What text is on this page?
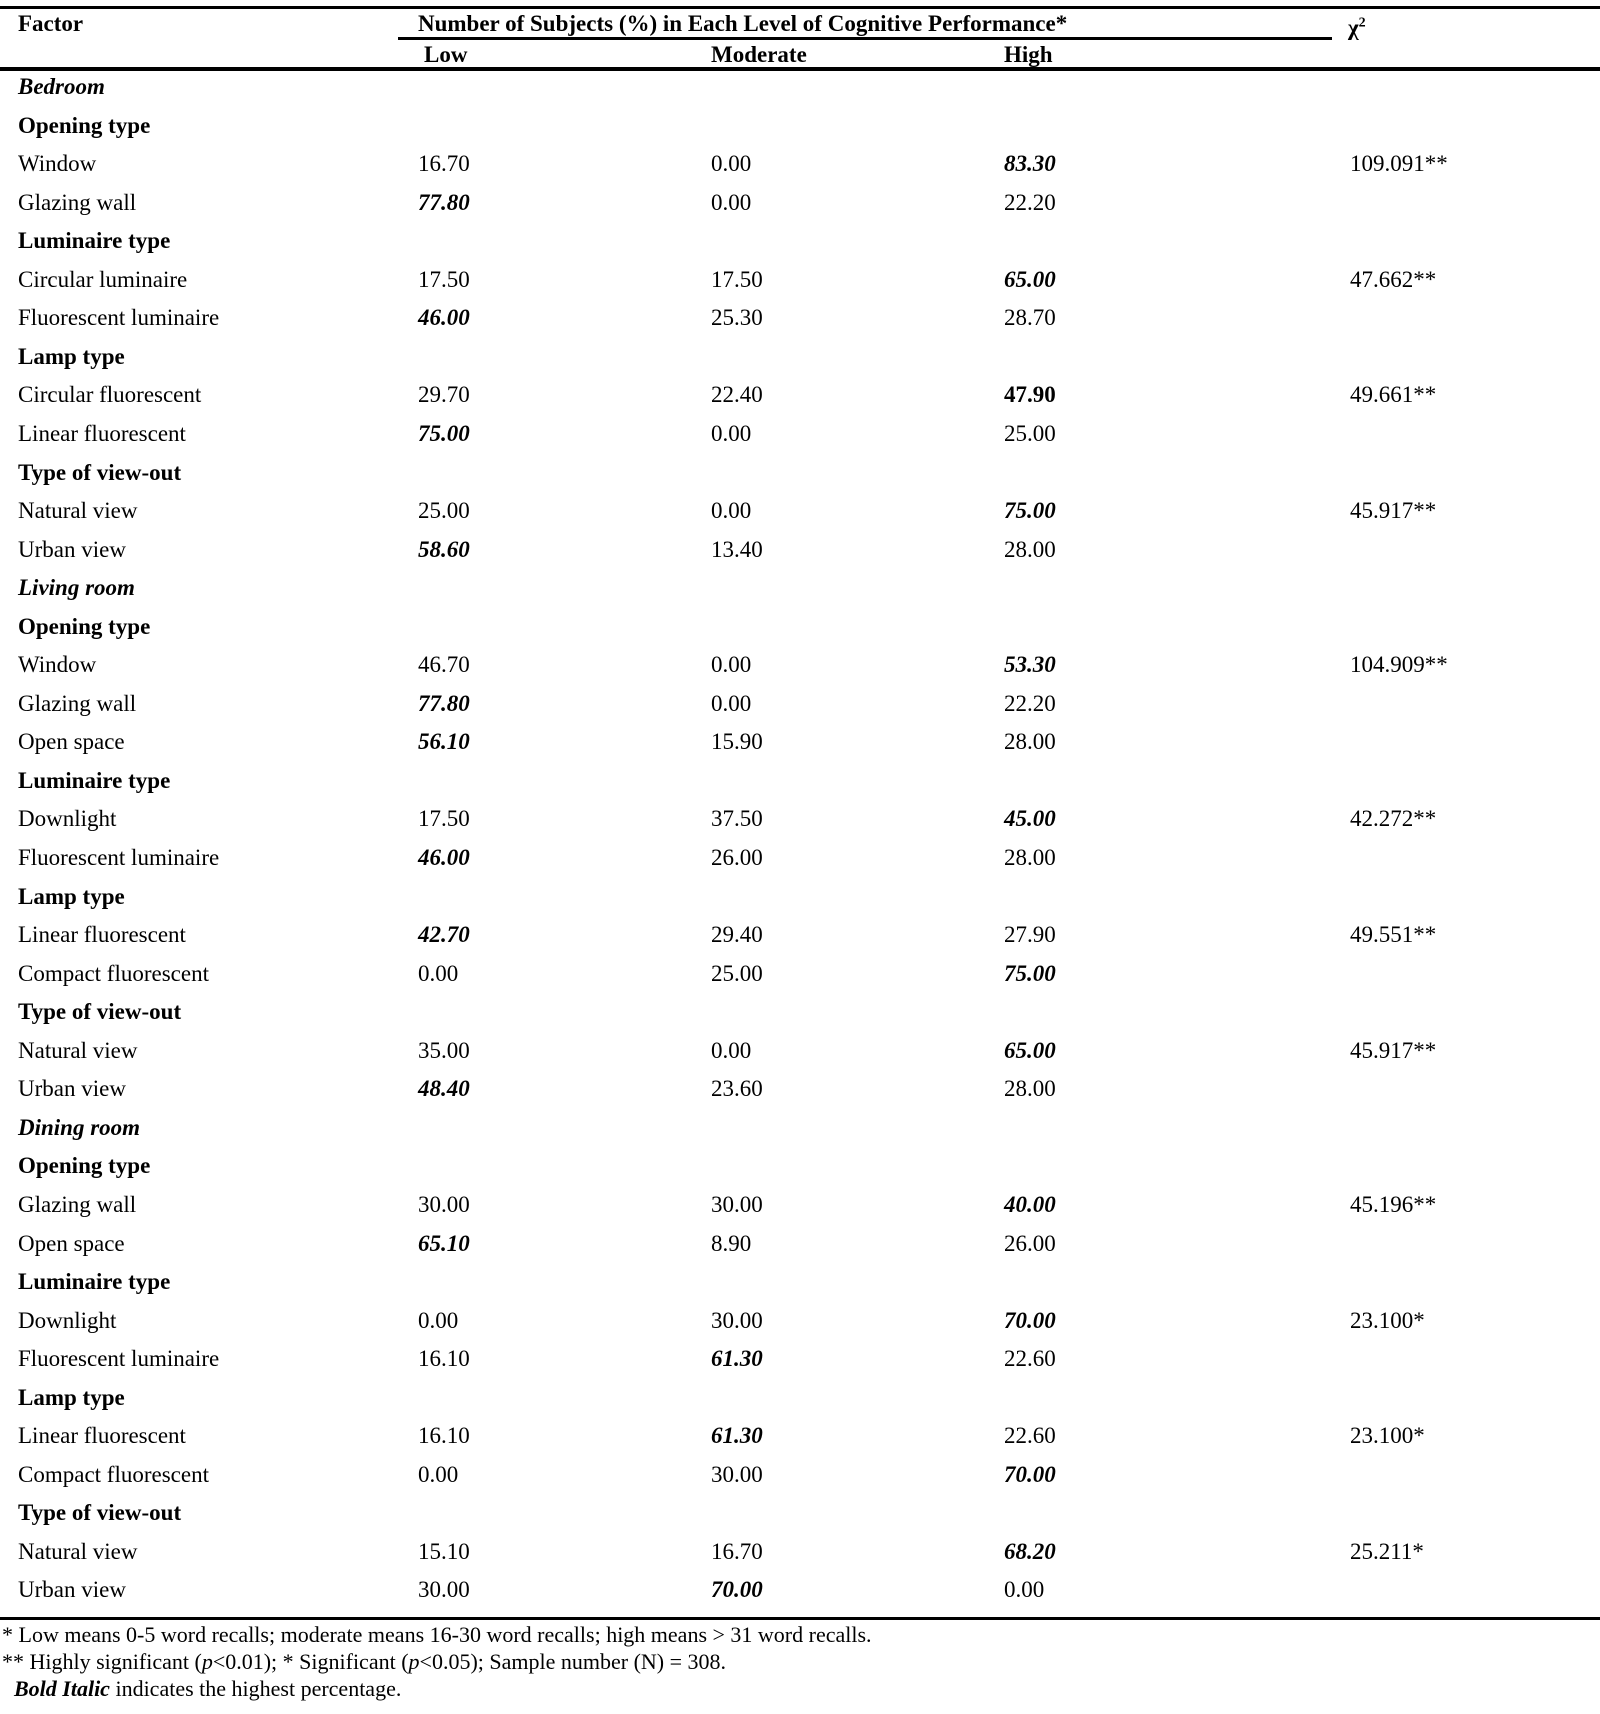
Factor	Number of Subjects (%) in Each Level of Cognitive Performance*	$\chi^2$
Low	Moderate	High
Bedroom
Opening type
Window	16.70	0.00	83.30	109.091**
Glazing wall	77.80	0.00	22.20
Luminaire type
Circular luminaire	17.50	17.50	65.00	47.662**
Fluorescent luminaire	46.00	25.30	28.70
Lamp type
Circular fluorescent	29.70	22.40	47.90	49.661**
Linear fluorescent	75.00	0.00	25.00
Type of view-out
Natural view	25.00	0.00	75.00	45.917**
Urban view	58.60	13.40	28.00
Living room
Opening type
Window	46.70	0.00	53.30	104.909**
Glazing wall	77.80	0.00	22.20
Open space	56.10	15.90	28.00
Luminaire type
Downlight	17.50	37.50	45.00	42.272**
Fluorescent luminaire	46.00	26.00	28.00
Lamp type
Linear fluorescent	42.70	29.40	27.90	49.551**
Compact fluorescent	0.00	25.00	75.00
Type of view-out
Natural view	35.00	0.00	65.00	45.917**
Urban view	48.40	23.60	28.00
Dining room
Opening type
Glazing wall	30.00	30.00	40.00	45.196**
Open space	65.10	8.90	26.00
Luminaire type
Downlight	0.00	30.00	70.00	23.100*
Fluorescent luminaire	16.10	61.30	22.60
Lamp type
Linear fluorescent	16.10	61.30	22.60	23.100*
Compact fluorescent	0.00	30.00	70.00
Type of view-out
Natural view	15.10	16.70	68.20	25.211*
Urban view	30.00	70.00	0.00
* Low means 0-5 word recalls; moderate means 16-30 word recalls; high means > 31 word recalls.
** Highly significant (p<0.01); * Significant (p<0.05); Sample number (N) = 308.
Bold Italic indicates the highest percentage.
